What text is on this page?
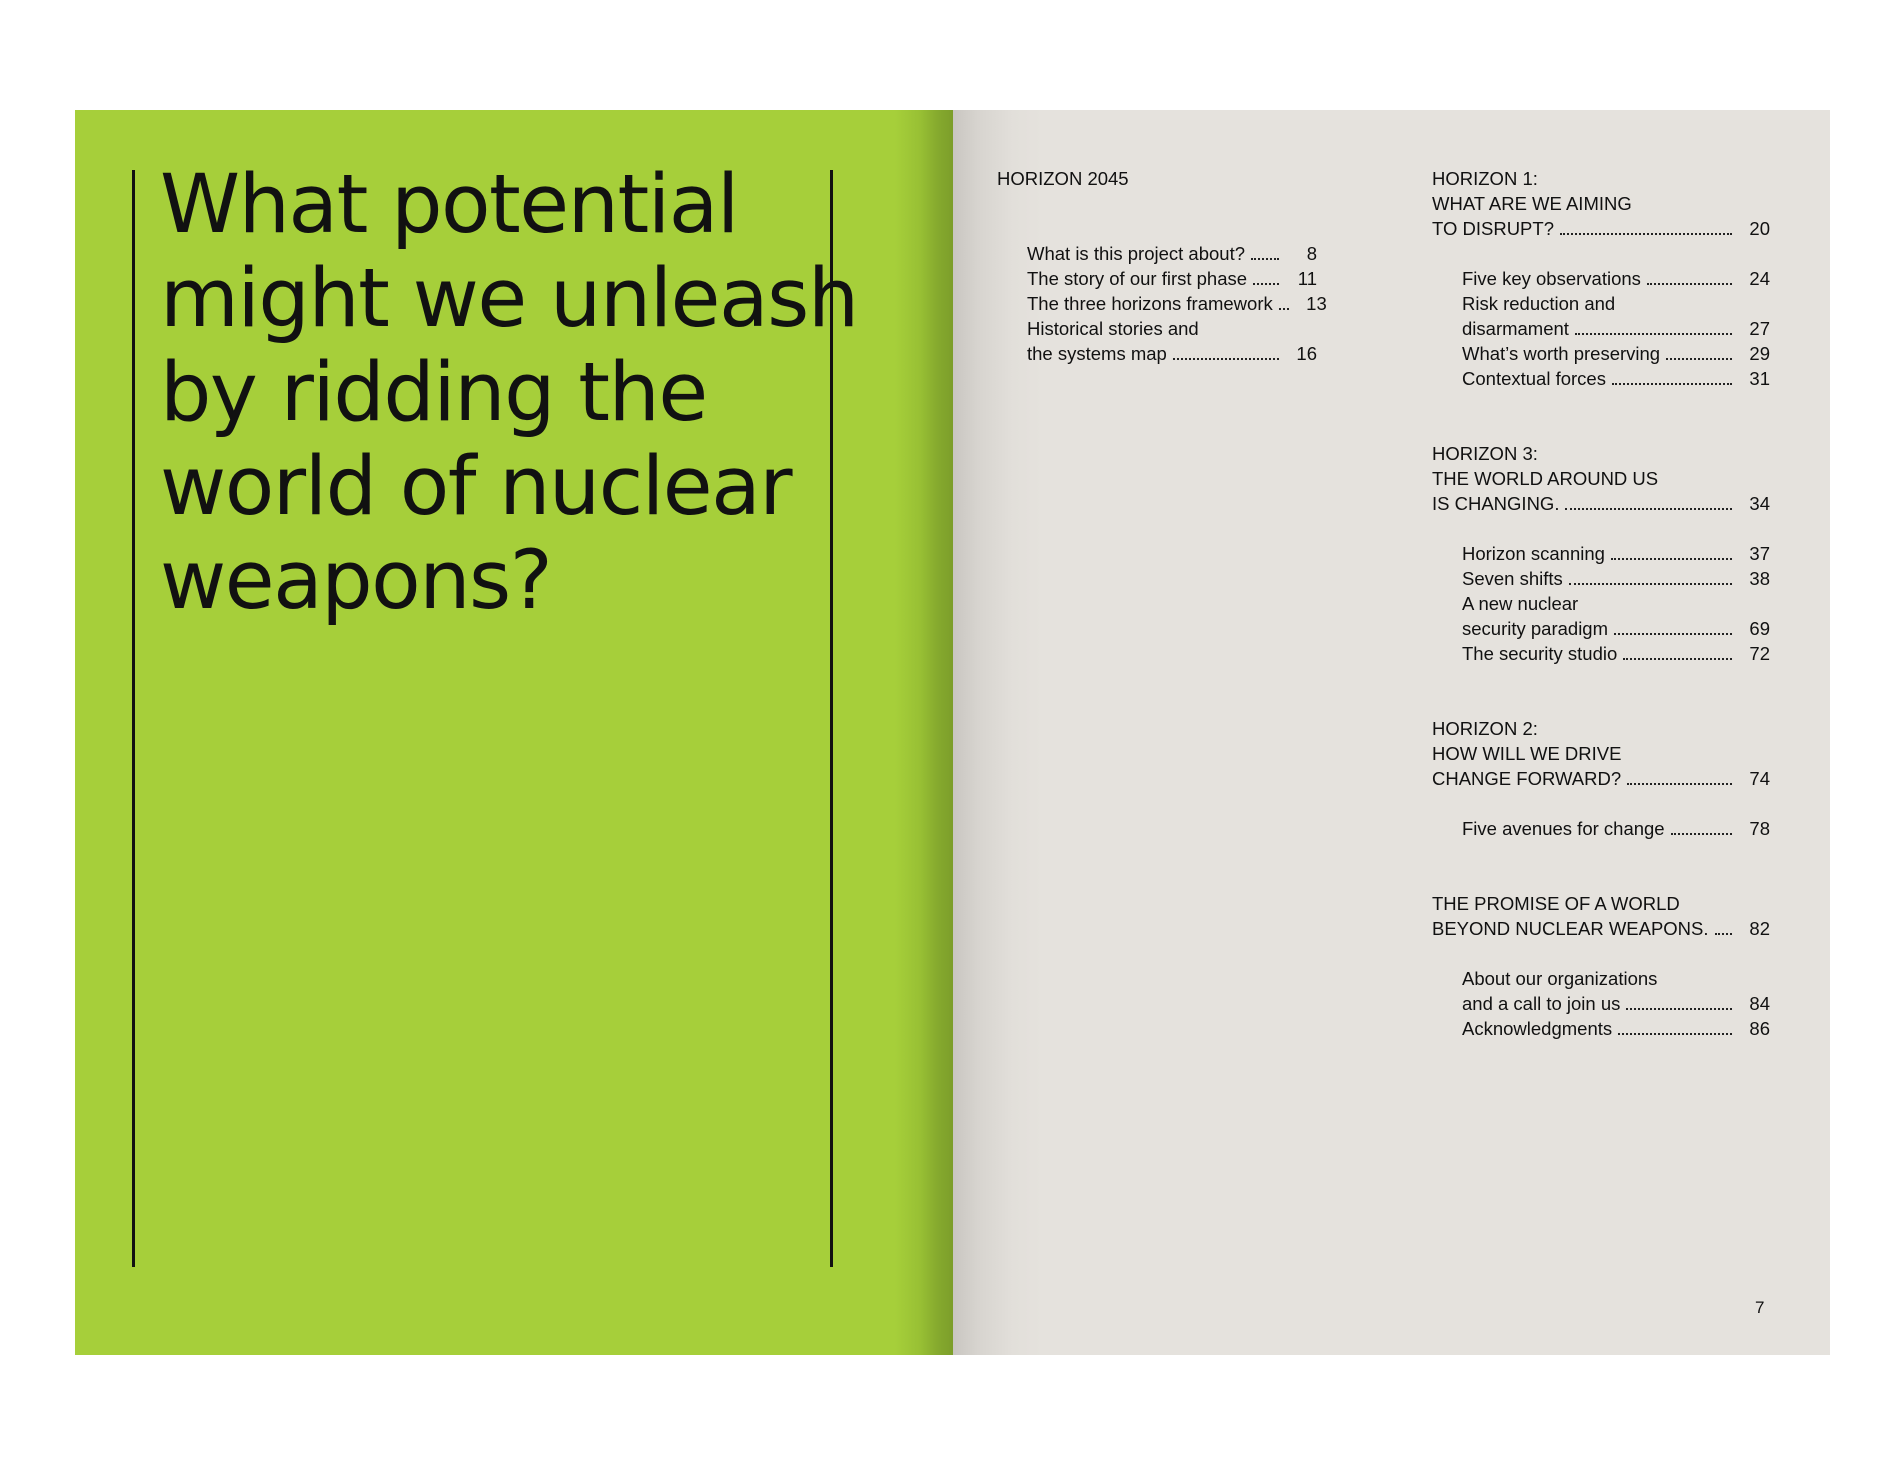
What potential
might we unleash
by ridding the
world of nuclear
weapons?
HORIZON 2045
What is this project about?	8
The story of our first phase	11
The three horizons framework	13
Historical stories and
the systems map	16
HORIZON 1:
WHAT ARE WE AIMING
TO DISRUPT?	20
Five key observations	24
Risk reduction and
disarmament	27
What’s worth preserving	29
Contextual forces	31
HORIZON 3:
THE WORLD AROUND US
IS CHANGING.	34
Horizon scanning	37
Seven shifts	38
A new nuclear
security paradigm	69
The security studio	72
HORIZON 2:
HOW WILL WE DRIVE
CHANGE FORWARD?	74
Five avenues for change	78
THE PROMISE OF A WORLD
BEYOND NUCLEAR WEAPONS.	82
About our organizations
and a call to join us	84
Acknowledgments	86
7
